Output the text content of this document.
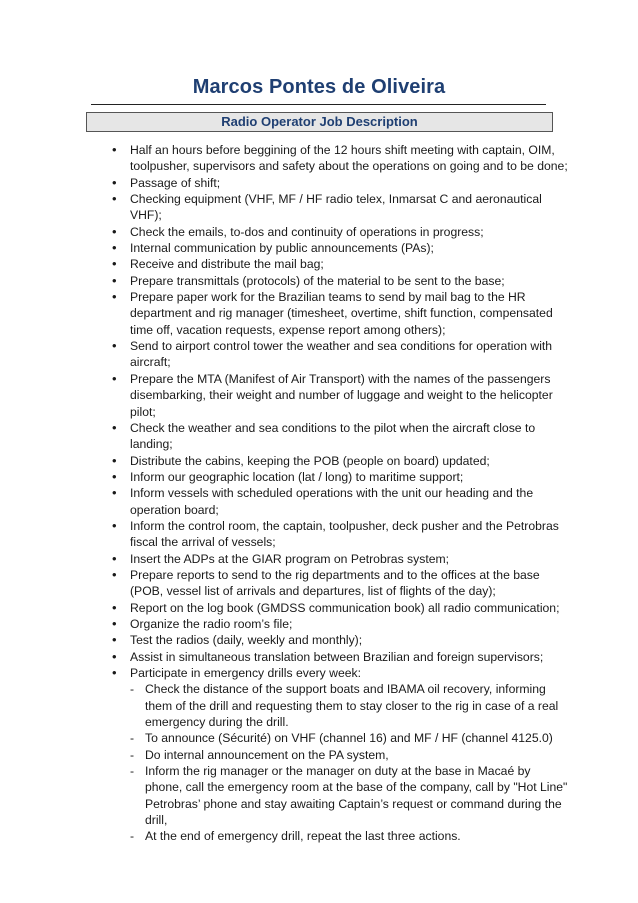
Marcos Pontes de Oliveira
Radio Operator Job Description
• Half an hours before beggining of the 12 hours shift meeting with captain, OIM, toolpusher, supervisors and safety about the operations on going and to be done;
• Passage of shift;
• Checking equipment (VHF, MF / HF radio telex, Inmarsat C and aeronautical VHF);
• Check the emails, to-dos and continuity of operations in progress;
• Internal communication by public announcements (PAs);
• Receive and distribute the mail bag;
• Prepare transmittals (protocols) of the material to be sent to the base;
• Prepare paper work for the Brazilian teams to send by mail bag to the HR department and rig manager (timesheet, overtime, shift function, compensated time off, vacation requests, expense report among others);
• Send to airport control tower the weather and sea conditions for operation with aircraft;
• Prepare the MTA (Manifest of Air Transport) with the names of the passengers disembarking, their weight and number of luggage and weight to the helicopter pilot;
• Check the weather and sea conditions to the pilot when the aircraft close to landing;
• Distribute the cabins, keeping the POB (people on board) updated;
• Inform our geographic location (lat / long) to maritime support;
• Inform vessels with scheduled operations with the unit our heading and the operation board;
• Inform the control room, the captain, toolpusher, deck pusher and the Petrobras fiscal the arrival of vessels;
• Insert the ADPs at the GIAR program on Petrobras system;
• Prepare reports to send to the rig departments and to the offices at the base (POB, vessel list of arrivals and departures, list of flights of the day);
• Report on the log book (GMDSS communication book) all radio communication;
• Organize the radio room’s file;
• Test the radios (daily, weekly and monthly);
• Assist in simultaneous translation between Brazilian and foreign supervisors;
• Participate in emergency drills every week:
- Check the distance of the support boats and IBAMA oil recovery, informing them of the drill and requesting them to stay closer to the rig in case of a real emergency during the drill.
- To announce (Sécurité) on VHF (channel 16) and MF / HF (channel 4125.0)
- Do internal announcement on the PA system,
- Inform the rig manager or the manager on duty at the base in Macaé by phone, call the emergency room at the base of the company, call by "Hot Line" Petrobras’ phone and stay awaiting Captain’s request or command during the drill,
- At the end of emergency drill, repeat the last three actions.
